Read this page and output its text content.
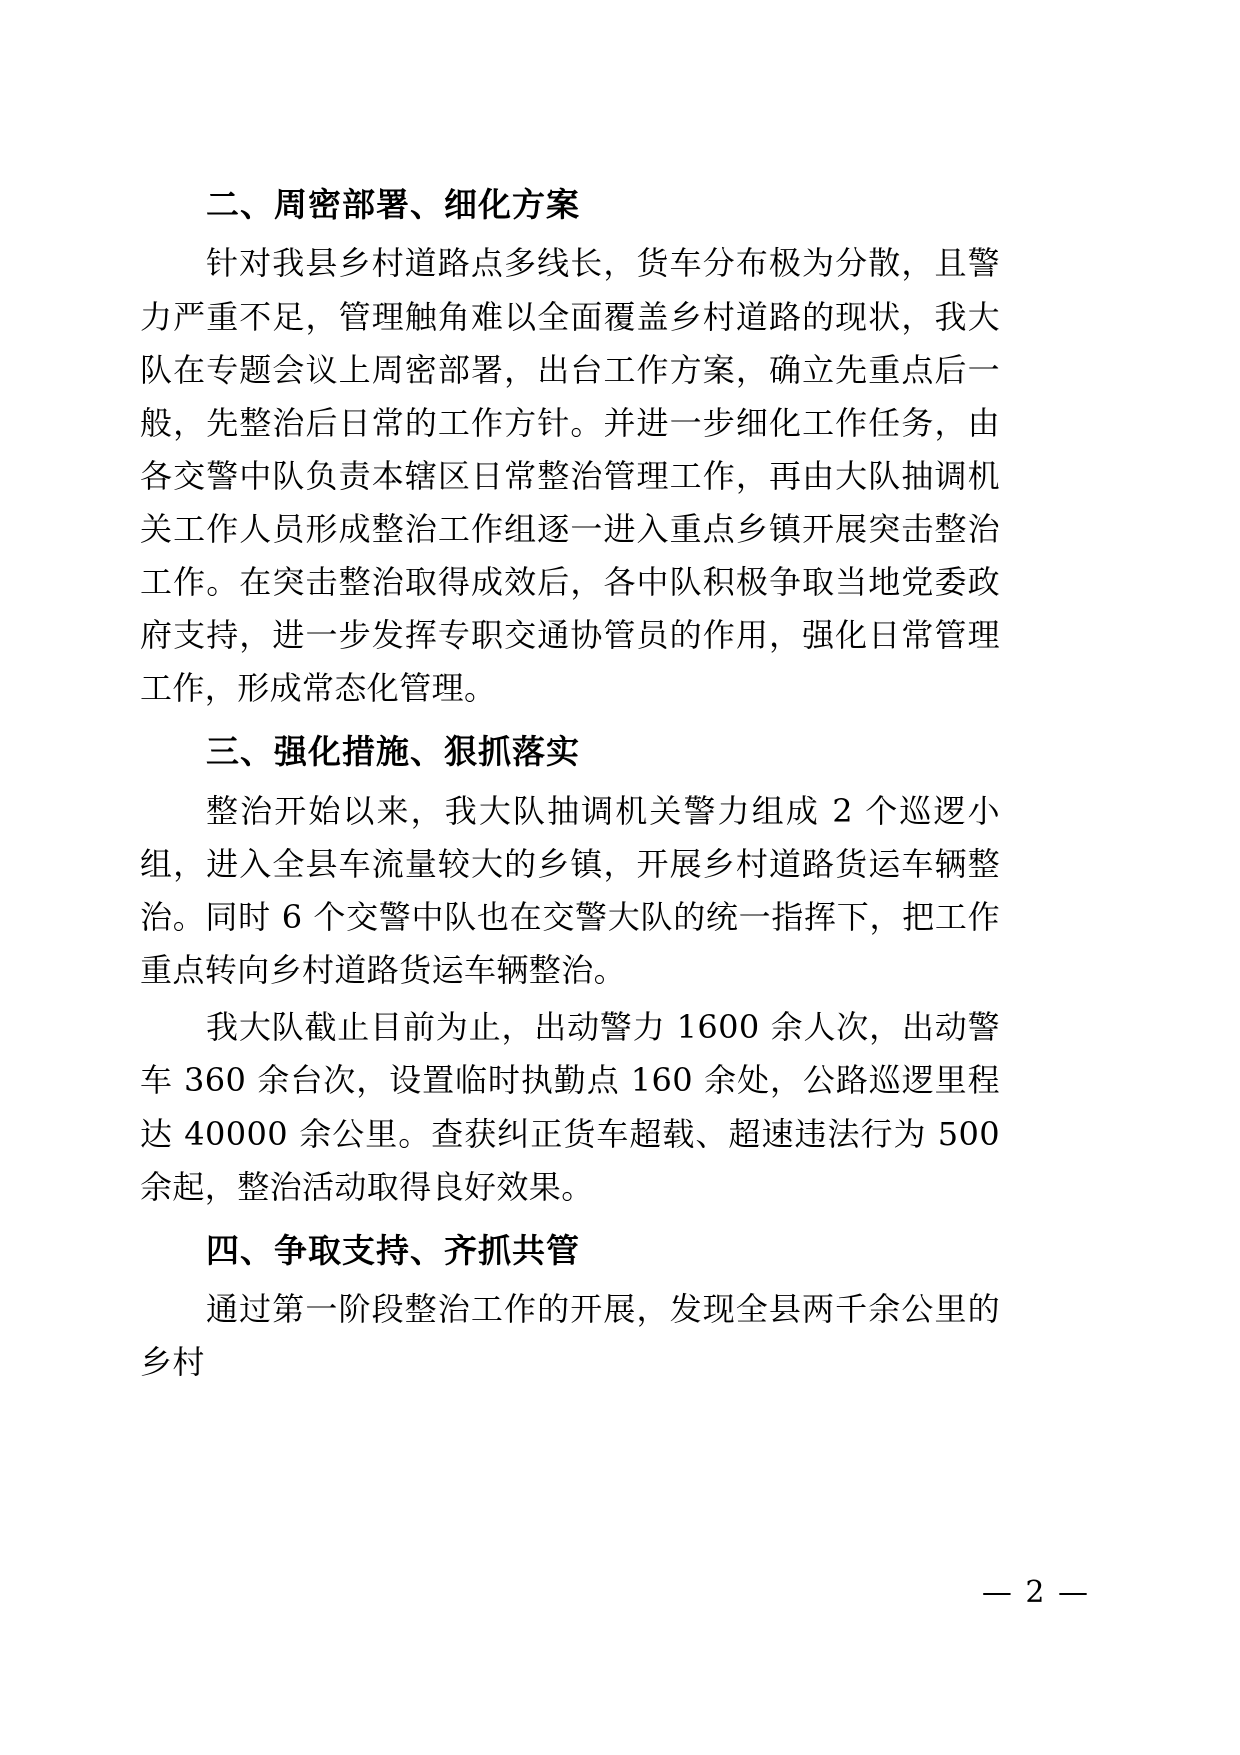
二、周密部署、细化方案

针对我县乡村道路点多线长，货车分布极为分散，且警力严重不足，管理触角难以全面覆盖乡村道路的现状，我大队在专题会议上周密部署，出台工作方案，确立先重点后一般，先整治后日常的工作方针。并进一步细化工作任务，由各交警中队负责本辖区日常整治管理工作，再由大队抽调机关工作人员形成整治工作组逐一进入重点乡镇开展突击整治工作。在突击整治取得成效后，各中队积极争取当地党委政府支持，进一步发挥专职交通协管员的作用，强化日常管理工作，形成常态化管理。

三、强化措施、狠抓落实

整治开始以来，我大队抽调机关警力组成 2 个巡逻小组，进入全县车流量较大的乡镇，开展乡村道路货运车辆整治。同时 6 个交警中队也在交警大队的统一指挥下，把工作重点转向乡村道路货运车辆整治。

我大队截止目前为止，出动警力 1600 余人次，出动警车 360 余台次，设置临时执勤点 160 余处，公路巡逻里程达 40000 余公里。查获纠正货车超载、超速违法行为 500 余起，整治活动取得良好效果。

四、争取支持、齐抓共管

通过第一阶段整治工作的开展，发现全县两千余公里的乡村

— 2 —
